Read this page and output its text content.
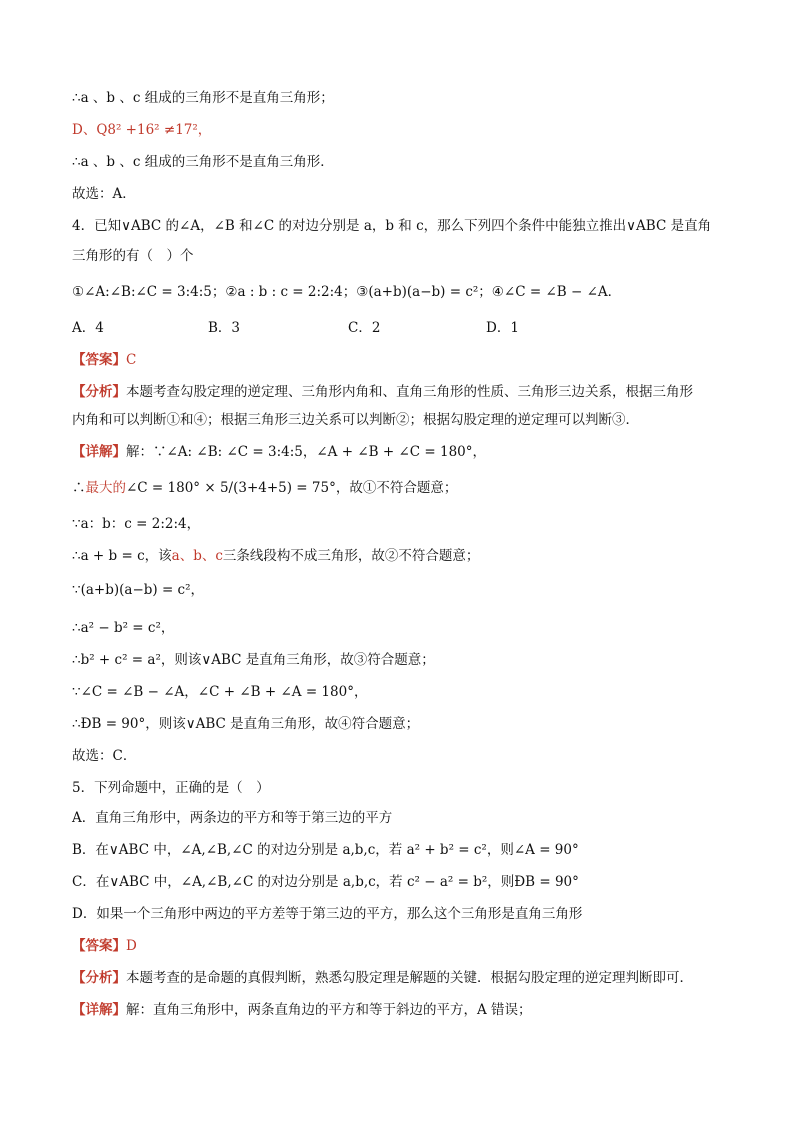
∴a 、b 、c 组成的三角形不是直角三角形；
D、Q8² +16² ≠17²，
∴a 、b 、c 组成的三角形不是直角三角形．
故选：A．
4．已知∨ABC 的∠A，∠B 和∠C 的对边分别是 a，b 和 c，那么下列四个条件中能独立推出∨ABC 是直角
三角形的有（　）个
①∠A:∠B:∠C = 3:4:5；②a : b : c = 2:2:4；③(a+b)(a−b) = c²；④∠C = ∠B − ∠A．
A．4	B．3	C．2	D．1
【答案】C
【分析】本题考查勾股定理的逆定理、三角形内角和、直角三角形的性质、三角形三边关系，根据三角形
内角和可以判断①和④；根据三角形三边关系可以判断②；根据勾股定理的逆定理可以判断③．
【详解】解：∵∠A: ∠B: ∠C = 3:4:5，∠A + ∠B + ∠C = 180°，
∴最大的∠C = 180° × 5/(3+4+5) = 75°，故①不符合题意；
∵a：b：c = 2:2:4，
∴a + b = c，该a、b、c三条线段构不成三角形，故②不符合题意；
∵(a+b)(a−b) = c²，
∴a² − b² = c²，
∴b² + c² = a²，则该∨ABC 是直角三角形，故③符合题意；
∵∠C = ∠B − ∠A，∠C + ∠B + ∠A = 180°，
∴ÐB = 90°，则该∨ABC 是直角三角形，故④符合题意；
故选：C．
5．下列命题中，正确的是（　）
A．直角三角形中，两条边的平方和等于第三边的平方
B．在∨ABC 中，∠A,∠B,∠C 的对边分别是 a,b,c，若 a² + b² = c²，则∠A = 90°
C．在∨ABC 中，∠A,∠B,∠C 的对边分别是 a,b,c，若 c² − a² = b²，则ÐB = 90°
D．如果一个三角形中两边的平方差等于第三边的平方，那么这个三角形是直角三角形
【答案】D
【分析】本题考查的是命题的真假判断，熟悉勾股定理是解题的关键．根据勾股定理的逆定理判断即可．
【详解】解：直角三角形中，两条直角边的平方和等于斜边的平方，A 错误；
